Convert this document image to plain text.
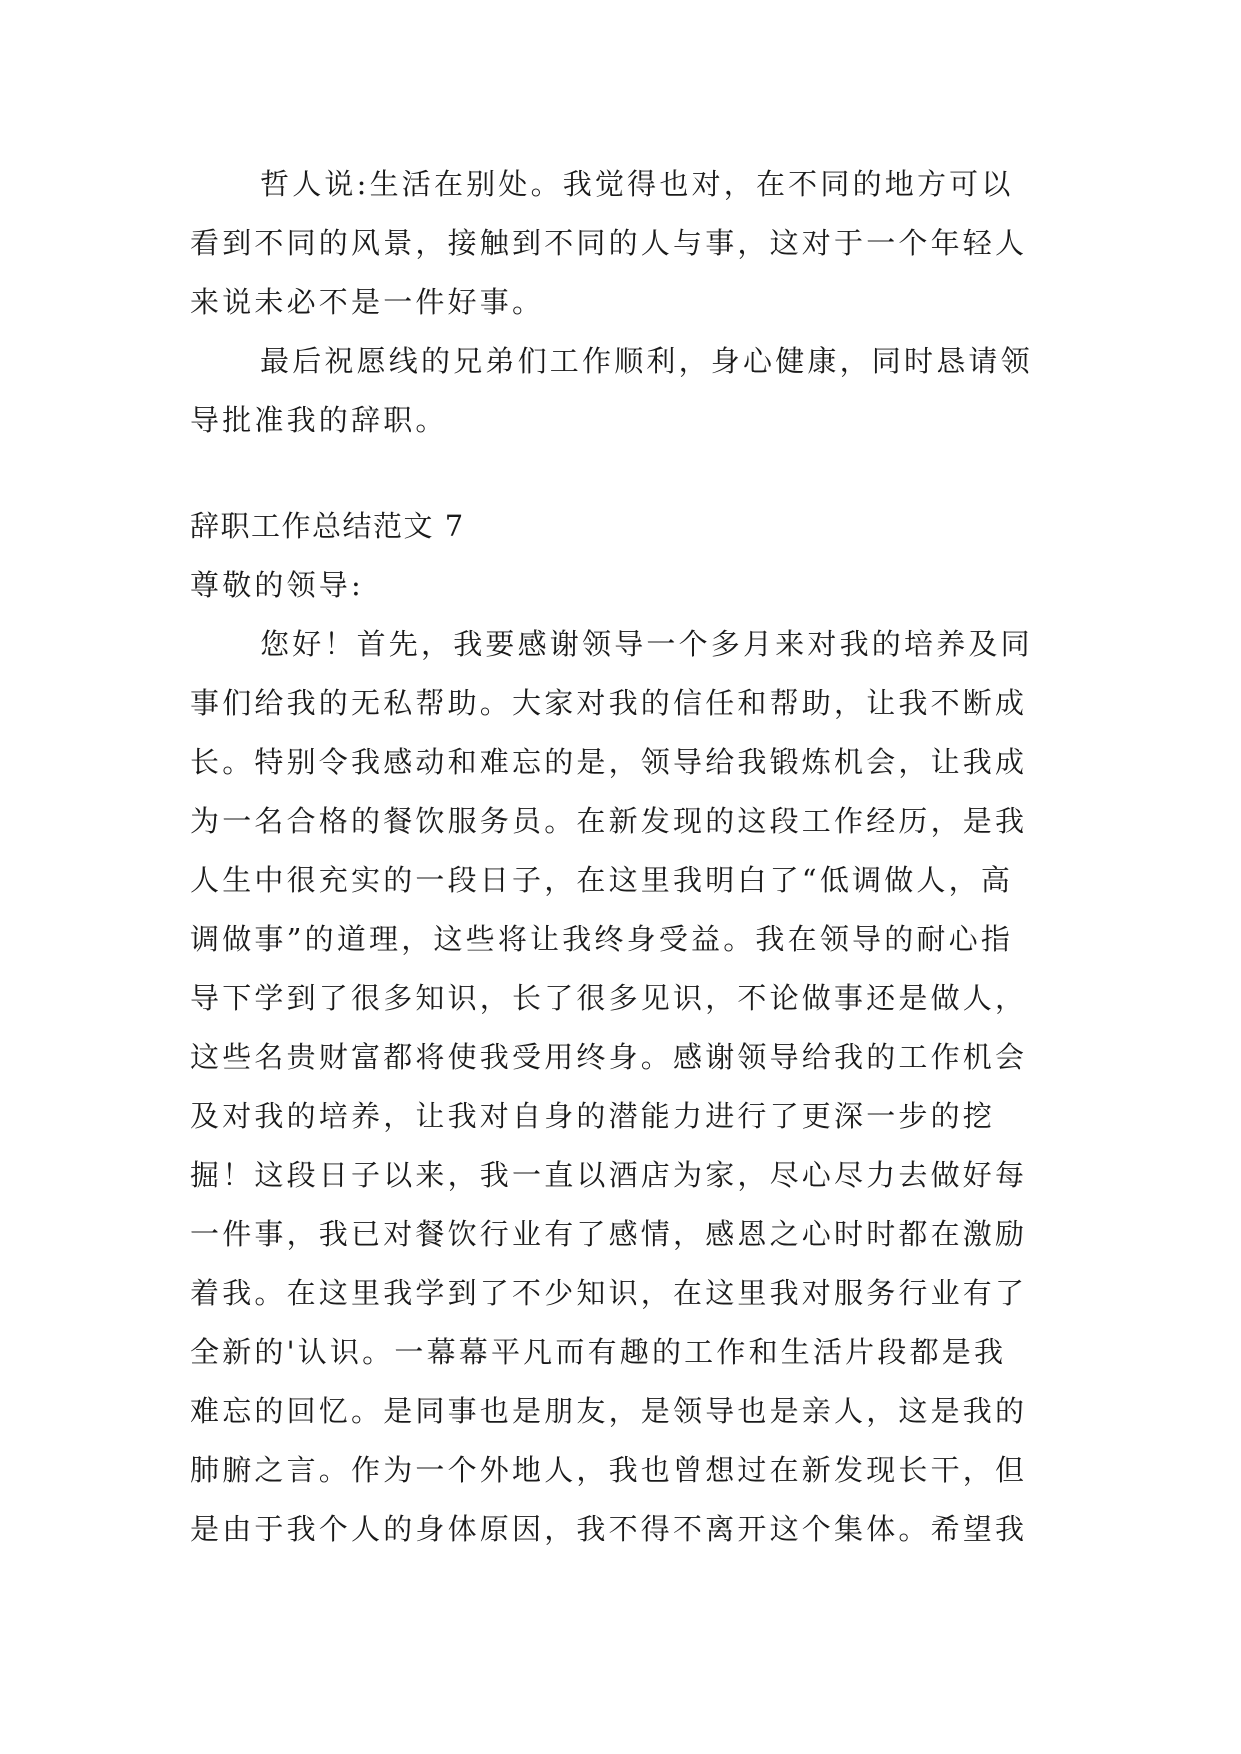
哲人说:生活在别处。我觉得也对，在不同的地方可以

看到不同的风景，接触到不同的人与事，这对于一个年轻人

来说未必不是一件好事。

最后祝愿线的兄弟们工作顺利，身心健康，同时恳请领

导批准我的辞职。

辞职工作总结范文 7

尊敬的领导:

您好！首先，我要感谢领导一个多月来对我的培养及同

事们给我的无私帮助。大家对我的信任和帮助，让我不断成

长。特别令我感动和难忘的是，领导给我锻炼机会，让我成

为一名合格的餐饮服务员。在新发现的这段工作经历，是我

人生中很充实的一段日子，在这里我明白了“低调做人，高

调做事”的道理，这些将让我终身受益。我在领导的耐心指

导下学到了很多知识，长了很多见识，不论做事还是做人，

这些名贵财富都将使我受用终身。感谢领导给我的工作机会

及对我的培养，让我对自身的潜能力进行了更深一步的挖

掘！这段日子以来，我一直以酒店为家，尽心尽力去做好每

一件事，我已对餐饮行业有了感情，感恩之心时时都在激励

着我。在这里我学到了不少知识，在这里我对服务行业有了

全新的'认识。一幕幕平凡而有趣的工作和生活片段都是我

难忘的回忆。是同事也是朋友，是领导也是亲人，这是我的

肺腑之言。作为一个外地人，我也曾想过在新发现长干，但

是由于我个人的身体原因，我不得不离开这个集体。希望我
